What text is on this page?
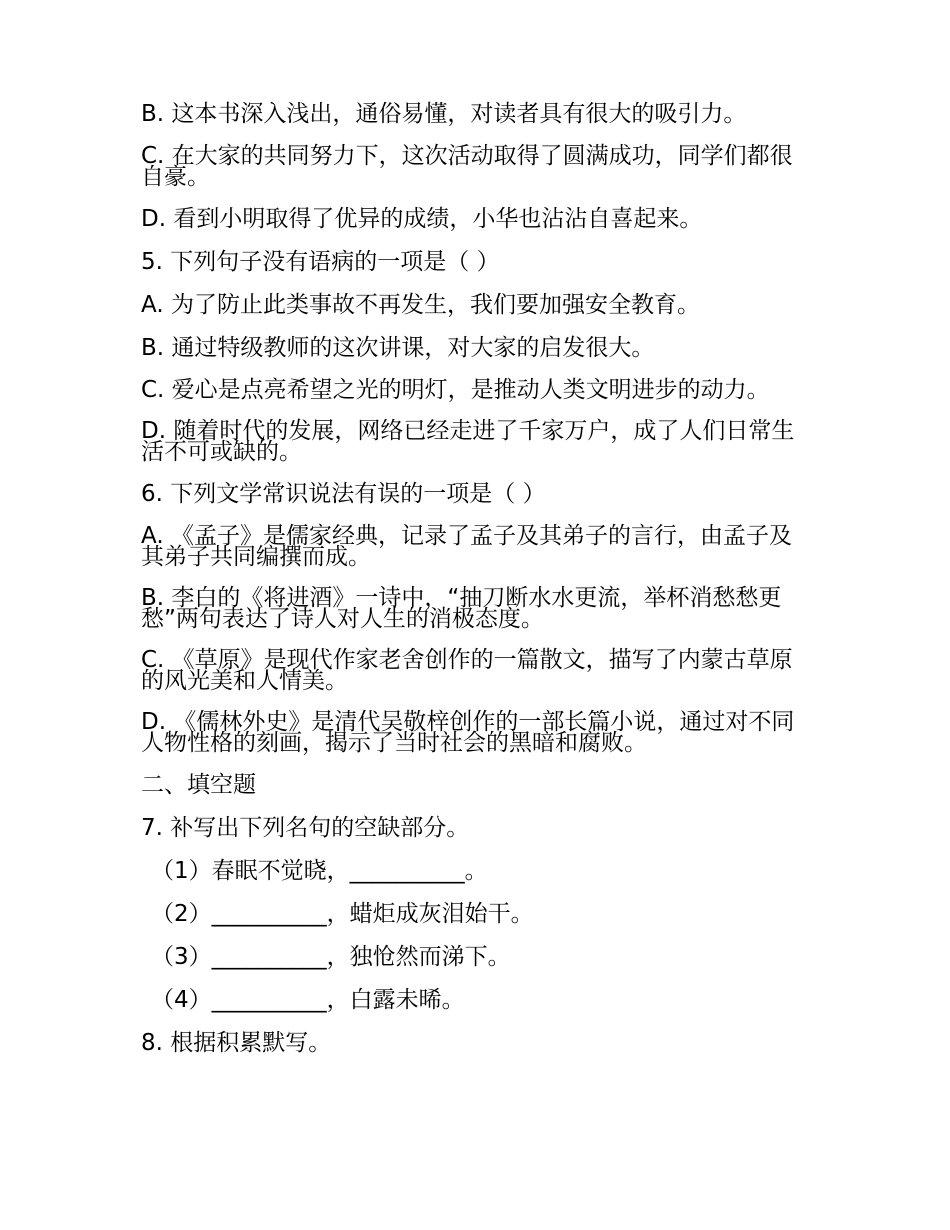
B. 这本书深入浅出，通俗易懂，对读者具有很大的吸引力。
C. 在大家的共同努力下，这次活动取得了圆满成功，同学们都很自豪。
D. 看到小明取得了优异的成绩，小华也沾沾自喜起来。
5. 下列句子没有语病的一项是（ ）
A. 为了防止此类事故不再发生，我们要加强安全教育。
B. 通过特级教师的这次讲课，对大家的启发很大。
C. 爱心是点亮希望之光的明灯，是推动人类文明进步的动力。
D. 随着时代的发展，网络已经走进了千家万户，成了人们日常生活不可或缺的。
6. 下列文学常识说法有误的一项是（ ）
A. 《孟子》是儒家经典，记录了孟子及其弟子的言行，由孟子及其弟子共同编撰而成。
B. 李白的《将进酒》一诗中，“抽刀断水水更流，举杯消愁愁更愁”两句表达了诗人对人生的消极态度。
C. 《草原》是现代作家老舍创作的一篇散文，描写了内蒙古草原的风光美和人情美。
D. 《儒林外史》是清代吴敬梓创作的一部长篇小说，通过对不同人物性格的刻画，揭示了当时社会的黑暗和腐败。
二、填空题
7. 补写出下列名句的空缺部分。
（1）春眠不觉晓，__________。
（2）__________，蜡炬成灰泪始干。
（3）__________，独怆然而涕下。
（4）__________，白露未晞。
8. 根据积累默写。
